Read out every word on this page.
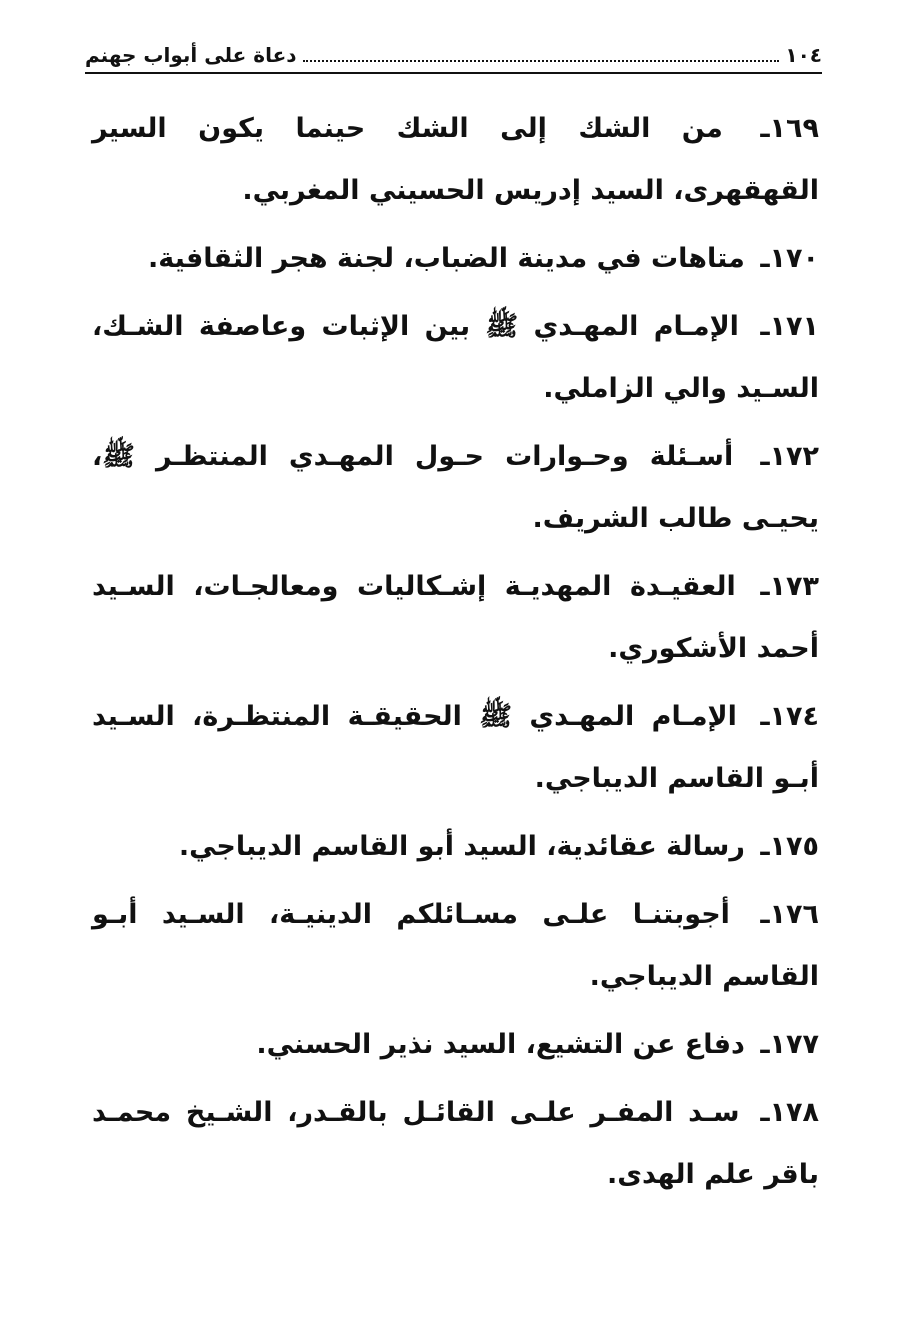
١٠٤
دعاة على أبواب جهنم

١٦٩ـ من الشك إلى الشك حينما يكون السير القهقهرى، السيد إدريس الحسيني المغربي.

١٧٠ـ متاهات في مدينة الضباب، لجنة هجر الثقافية.

١٧١ـ الإمـام المهـدي ﷺ بين الإثبات وعاصفة الشـك، السـيد والي الزاملي.

١٧٢ـ أسـئلة وحـوارات حـول المهـدي المنتظـر ﷺ، يحيـى طالب الشريف.

١٧٣ـ العقيـدة المهديـة إشـكاليات ومعالجـات، السـيد أحمد الأشكوري.

١٧٤ـ الإمـام المهـدي ﷺ الحقيقـة المنتظـرة، السـيد أبـو القاسم الديباجي.

١٧٥ـ رسالة عقائدية، السيد أبو القاسم الديباجي.

١٧٦ـ أجوبتنـا علـى مسـائلكم الدينيـة، السـيد أبـو القاسم الديباجي.

١٧٧ـ دفاع عن التشيع، السيد نذير الحسني.

١٧٨ـ سـد المفـر علـى القائـل بالقـدر، الشـيخ محمـد باقر علم الهدى.
